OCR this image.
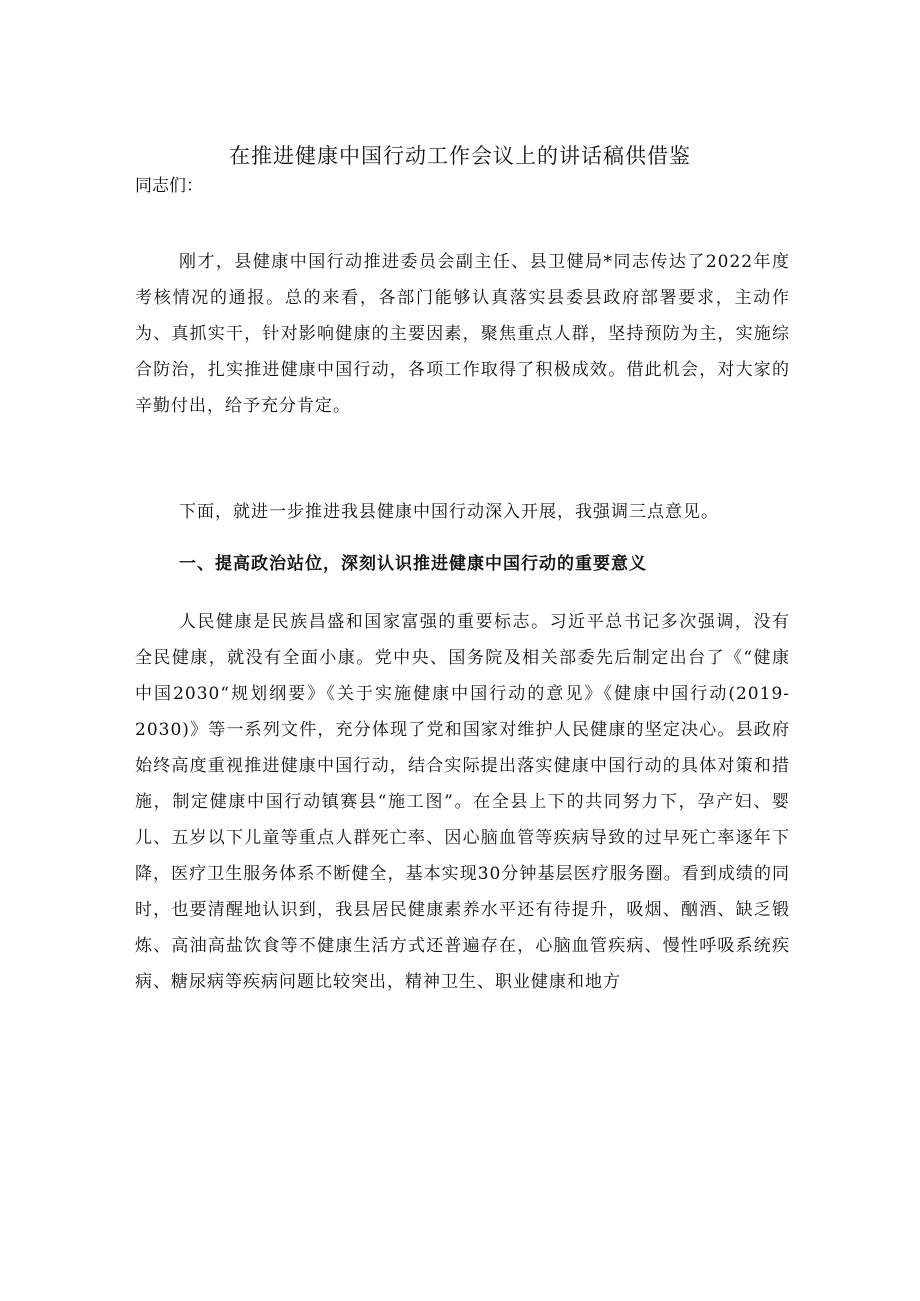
在推进健康中国行动工作会议上的讲话稿供借鉴
同志们：

刚才，县健康中国行动推进委员会副主任、县卫健局*同志传达了2022年度考核情况的通报。总的来看，各部门能够认真落实县委县政府部署要求，主动作为、真抓实干，针对影响健康的主要因素，聚焦重点人群，坚持预防为主，实施综合防治，扎实推进健康中国行动，各项工作取得了积极成效。借此机会，对大家的辛勤付出，给予充分肯定。

下面，就进一步推进我县健康中国行动深入开展，我强调三点意见。

一、提高政治站位，深刻认识推进健康中国行动的重要意义

人民健康是民族昌盛和国家富强的重要标志。习近平总书记多次强调，没有全民健康，就没有全面小康。党中央、国务院及相关部委先后制定出台了《“健康中国2030“规划纲要》《关于实施健康中国行动的意见》《健康中国行动(2019-2030)》等一系列文件，充分体现了党和国家对维护人民健康的坚定决心。县政府始终高度重视推进健康中国行动，结合实际提出落实健康中国行动的具体对策和措施，制定健康中国行动镇赛县“施工图”。在全县上下的共同努力下，孕产妇、婴儿、五岁以下儿童等重点人群死亡率、因心脑血管等疾病导致的过早死亡率逐年下降，医疗卫生服务体系不断健全，基本实现30分钟基层医疗服务圈。看到成绩的同时，也要清醒地认识到，我县居民健康素养水平还有待提升，吸烟、酗酒、缺乏锻炼、高油高盐饮食等不健康生活方式还普遍存在，心脑血管疾病、慢性呼吸系统疾病、糖尿病等疾病问题比较突出，精神卫生、职业健康和地方
